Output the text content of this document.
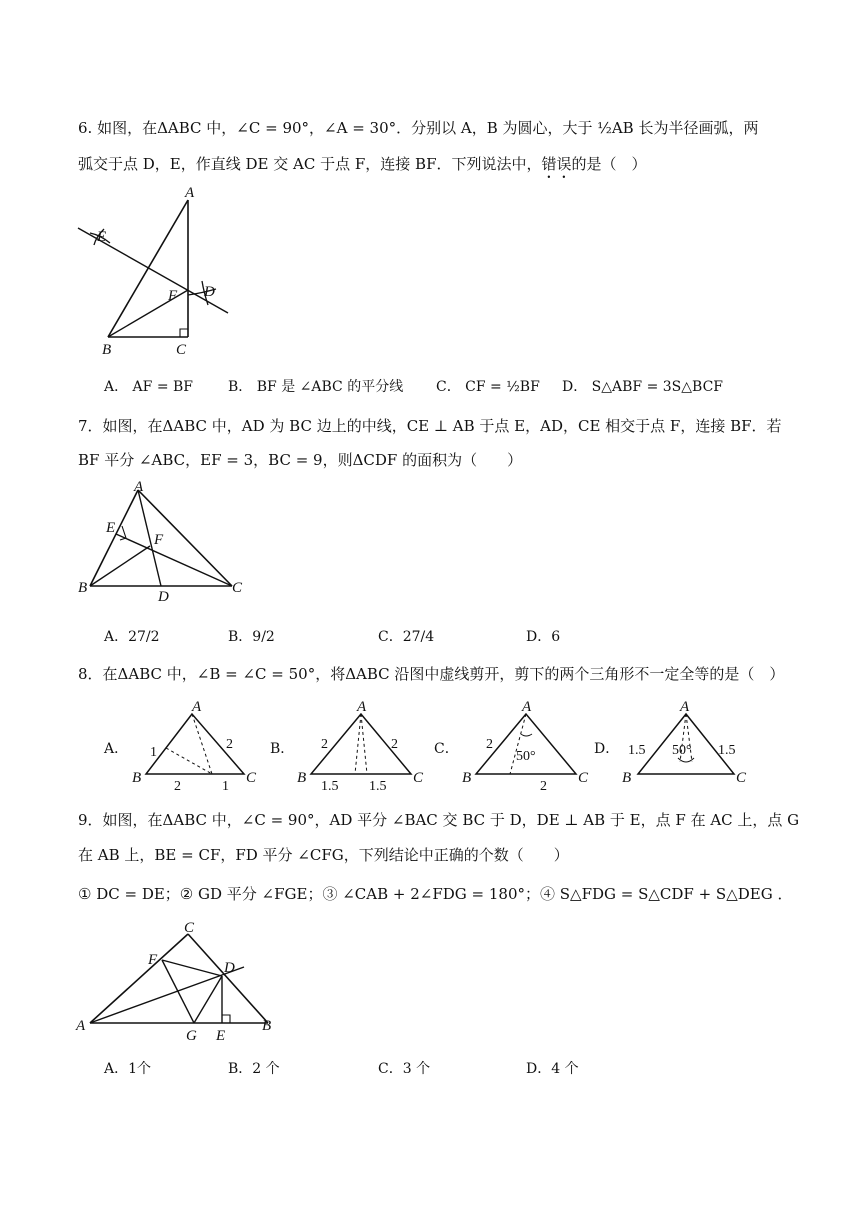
6. 如图，在ΔABC 中，∠C = 90°，∠A = 30°．分别以 A，B 为圆心，大于 ½AB 长为半径画弧，两
弧交于点 D，E，作直线 DE 交 AC 于点 F，连接 BF．下列说法中，错误的是（　）
A
B	C
D
E
F
A． AF = BF B． BF 是 ∠ABC 的平分线 C． CF = ½BF D． S△ABF = 3S△BCF
7．如图，在ΔABC 中，AD 为 BC 边上的中线，CE ⊥ AB 于点 E，AD，CE 相交于点 F，连接 BF．若
BF 平分 ∠ABC，EF = 3，BC = 9，则ΔCDF 的面积为（　　）
A
B	C
D
E
F
A．27/2	B．9/2	C．27/4	D．6
8．在ΔABC 中，∠B = ∠C = 50°，将ΔABC 沿图中虚线剪开，剪下的两个三角形不一定全等的是（　）
A．	B．	C．	D．
A
B	C
1
2
2	1
A
B	C
2	2
1.5 1.5
A
B	C
2
50°
2
A
B	C
1.5 50° 1.5
9．如图，在ΔABC 中，∠C = 90°，AD 平分 ∠BAC 交 BC 于 D，DE ⊥ AB 于 E，点 F 在 AC 上，点 G
在 AB 上，BE = CF，FD 平分 ∠CFG，下列结论中正确的个数（　　）
① DC = DE；② GD 平分 ∠FGE；③ ∠CAB + 2∠FDG = 180°；④ S△FDG = S△CDF + S△DEG ．
C
F	D
A
G E
B
A．1个	B．2 个	C．3 个	D．4 个
